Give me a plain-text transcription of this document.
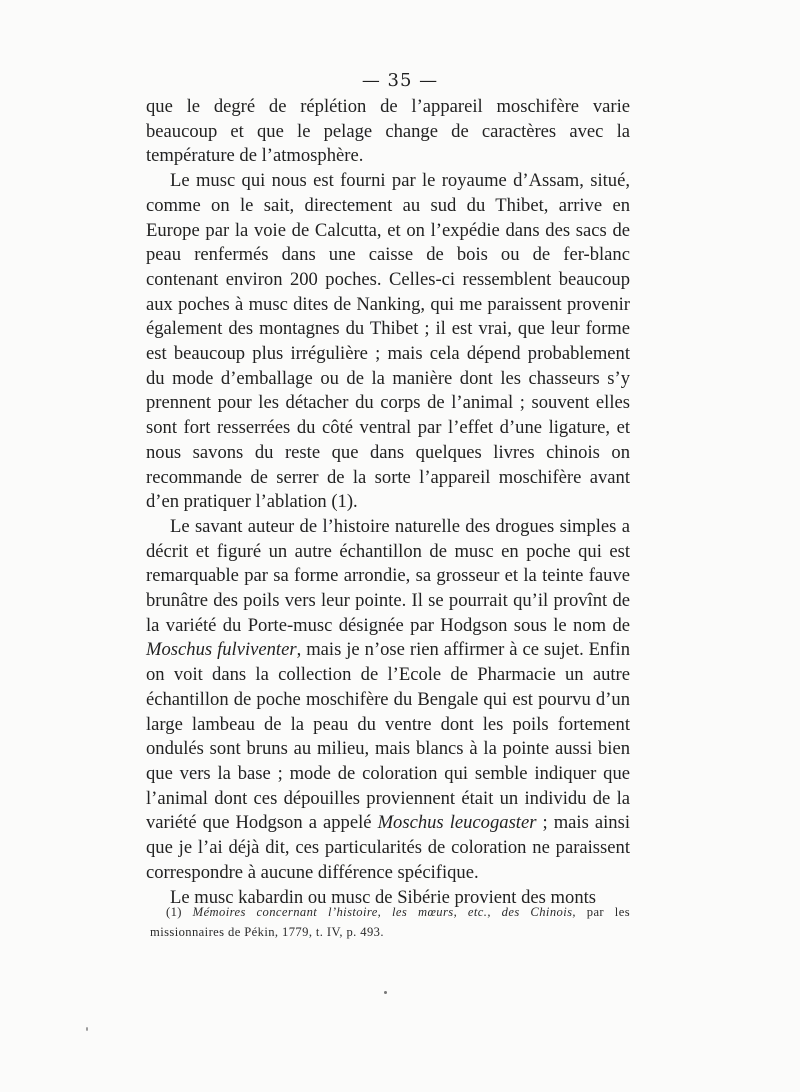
— 35 —

que le degré de réplétion de l’appareil moschifère varie beaucoup et que le pelage change de caractères avec la température de l’atmosphère.

Le musc qui nous est fourni par le royaume d’Assam, situé, comme on le sait, directement au sud du Thibet, arrive en Europe par la voie de Calcutta, et on l’expédie dans des sacs de peau renfermés dans une caisse de bois ou de fer-blanc contenant environ 200 poches. Celles-ci ressemblent beaucoup aux poches à musc dites de Nanking, qui me paraissent provenir également des montagnes du Thibet ; il est vrai, que leur forme est beaucoup plus irrégulière ; mais cela dépend probablement du mode d’emballage ou de la manière dont les chasseurs s’y prennent pour les détacher du corps de l’animal ; souvent elles sont fort resserrées du côté ventral par l’effet d’une ligature, et nous savons du reste que dans quelques livres chinois on recommande de serrer de la sorte l’appareil moschifère avant d’en pratiquer l’ablation (1).

Le savant auteur de l’histoire naturelle des drogues simples a décrit et figuré un autre échantillon de musc en poche qui est remarquable par sa forme arrondie, sa grosseur et la teinte fauve brunâtre des poils vers leur pointe. Il se pourrait qu’il provînt de la variété du Porte-musc désignée par Hodgson sous le nom de Moschus fulviventer, mais je n’ose rien affirmer à ce sujet. Enfin on voit dans la collection de l’Ecole de Pharmacie un autre échantillon de poche moschifère du Bengale qui est pourvu d’un large lambeau de la peau du ventre dont les poils fortement ondulés sont bruns au milieu, mais blancs à la pointe aussi bien que vers la base ; mode de coloration qui semble indiquer que l’animal dont ces dépouilles proviennent était un individu de la variété que Hodgson a appelé Moschus leucogaster ; mais ainsi que je l’ai déjà dit, ces particularités de coloration ne paraissent correspondre à aucune différence spécifique.

Le musc kabardin ou musc de Sibérie provient des monts

(1) Mémoires concernant l’histoire, les mœurs, etc., des Chinois, par les missionnaires de Pékin, 1779, t. IV, p. 493.
